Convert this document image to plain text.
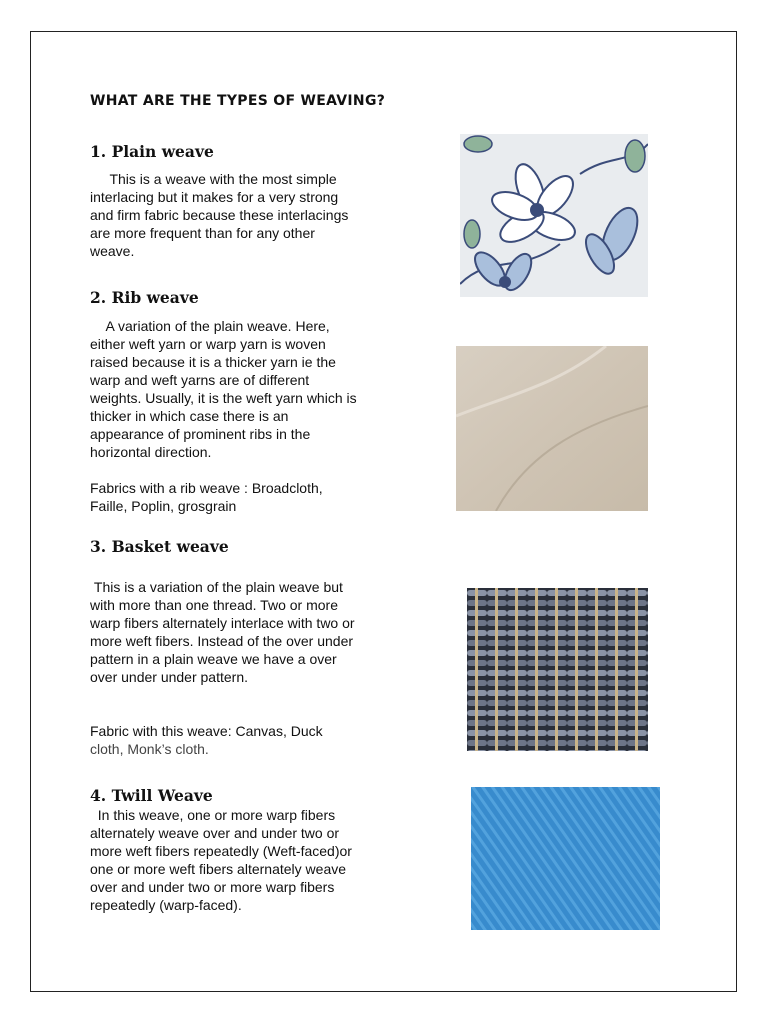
WHAT ARE THE TYPES OF WEAVING?
1. Plain weave

This is a weave with the most simple interlacing but it makes for a very strong and firm fabric because these interlacings are more frequent than for any other weave.

2. Rib weave

A variation of the plain weave. Here, either weft yarn or warp yarn is woven raised because it is a thicker yarn ie the warp and weft yarns are of different weights. Usually, it is the weft yarn which is thicker in which case there is an appearance of prominent ribs in the horizontal direction.

Fabrics with a rib weave : Broadcloth, Faille, Poplin, grosgrain

3. Basket weave

This is a variation of the plain weave but with more than one thread. Two or more warp fibers alternately interlace with two or more weft fibers. Instead of the over under pattern in a plain weave we have a over over under under pattern.

Fabric with this weave: Canvas, Duck
cloth, Monk’s cloth.

4. Twill Weave

In this weave, one or more warp fibers alternately weave over and under two or more weft fibers repeatedly (Weft-faced)or one or more weft fibers alternately weave over and under two or more warp fibers repeatedly (warp-faced).
